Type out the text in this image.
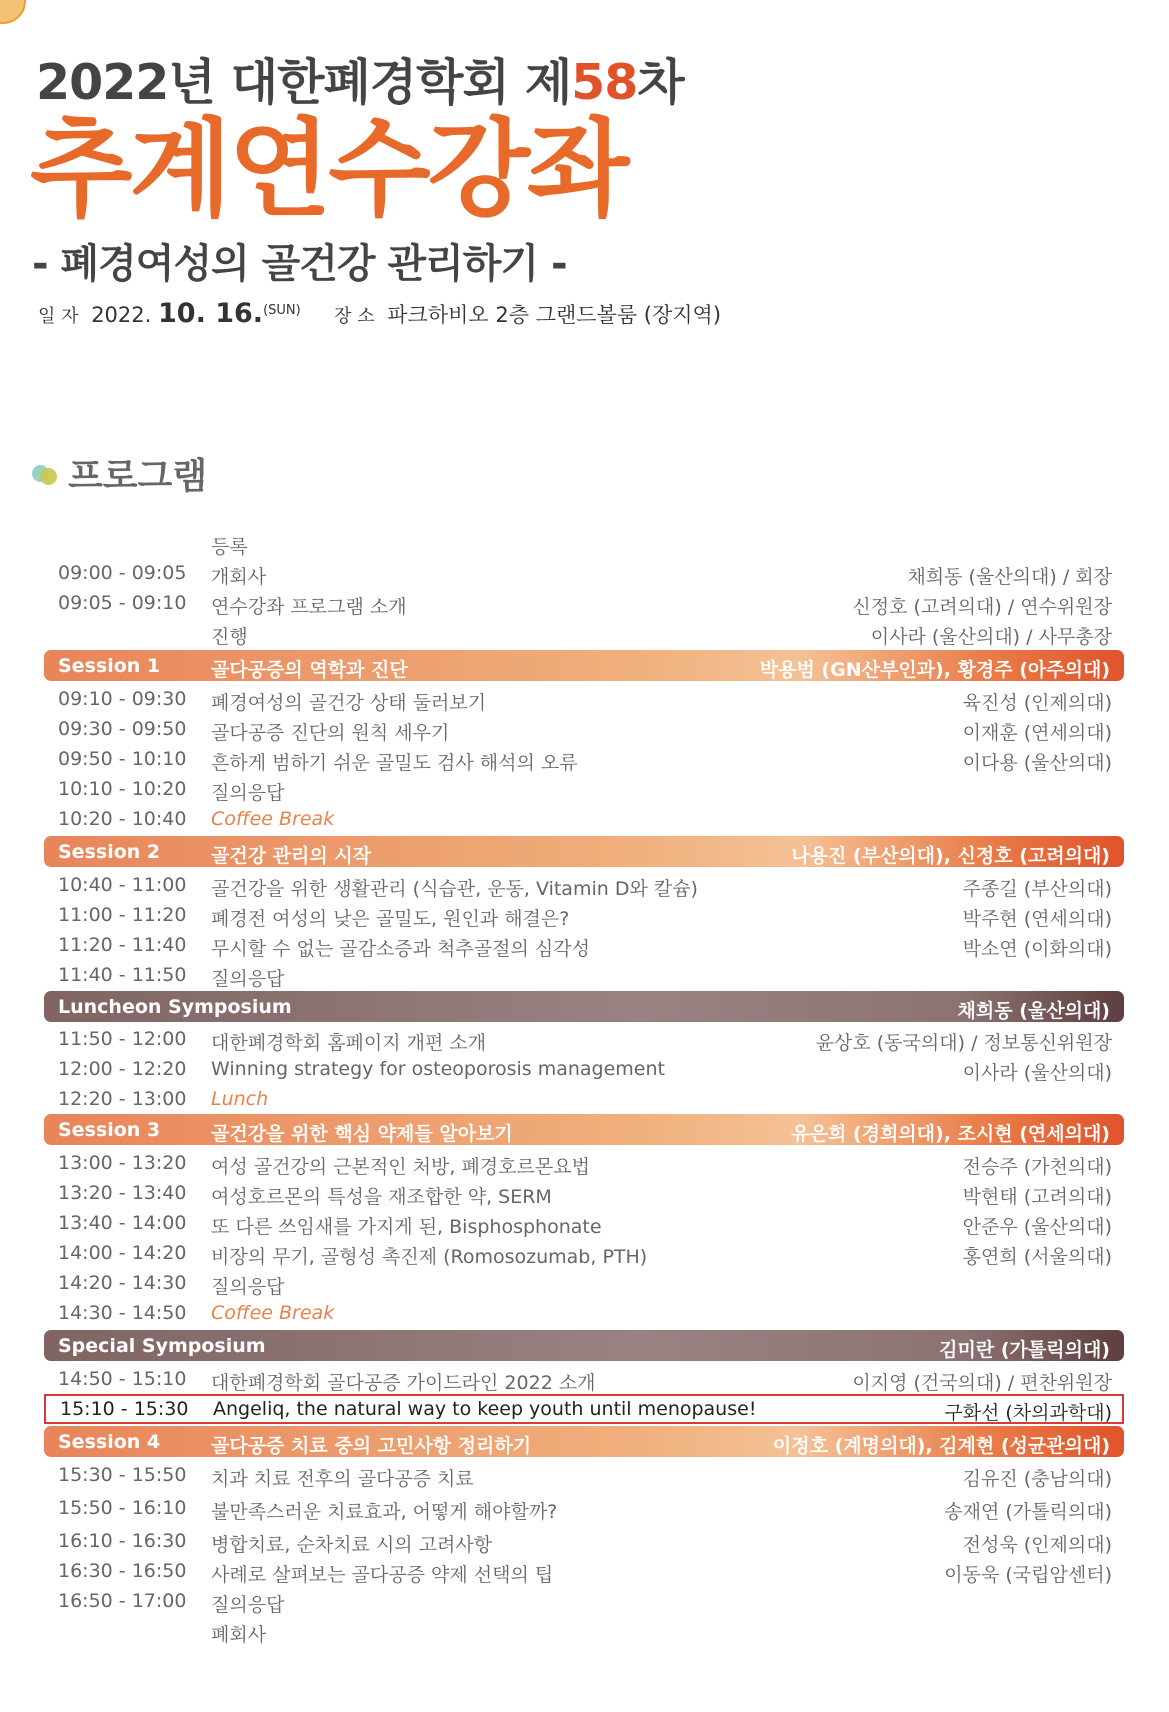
2022년 대한폐경학회 제58차
추계연수강좌
- 폐경여성의 골건강 관리하기 -
일 자 2022. 10. 16.$^{(SUN)}$ 장 소 파크하비오 2층 그랜드볼룸 (장지역)
프로그램
등록
09:00 - 09:05 개회사	채희동 (울산의대) / 회장
09:05 - 09:10 연수강좌 프로그램 소개	신정호 (고려의대) / 연수위원장
진행	이사라 (울산의대) / 사무총장
Session 1	골다공증의 역학과 진단	박용범 (GN산부인과), 황경주 (아주의대)
09:10 - 09:30 폐경여성의 골건강 상태 둘러보기	육진성 (인제의대)
09:30 - 09:50 골다공증 진단의 원칙 세우기	이재훈 (연세의대)
09:50 - 10:10 흔하게 범하기 쉬운 골밀도 검사 해석의 오류	이다용 (울산의대)
10:10 - 10:20 질의응답
10:20 - 10:40 Coffee Break
Session 2	골건강 관리의 시작	나용진 (부산의대), 신정호 (고려의대)
10:40 - 11:00 골건강을 위한 생활관리 (식습관, 운동, Vitamin D와 칼슘)	주종길 (부산의대)
11:00 - 11:20 폐경전 여성의 낮은 골밀도, 원인과 해결은?	박주현 (연세의대)
11:20 - 11:40 무시할 수 없는 골감소증과 척추골절의 심각성	박소연 (이화의대)
11:40 - 11:50 질의응답
Luncheon Symposium	채희동 (울산의대)
11:50 - 12:00 대한폐경학회 홈페이지 개편 소개	윤상호 (동국의대) / 정보통신위원장
12:00 - 12:20 Winning strategy for osteoporosis management	이사라 (울산의대)
12:20 - 13:00 Lunch
Session 3	골건강을 위한 핵심 약제들 알아보기	유은희 (경희의대), 조시현 (연세의대)
13:00 - 13:20 여성 골건강의 근본적인 처방, 폐경호르몬요법	전승주 (가천의대)
13:20 - 13:40 여성호르몬의 특성을 재조합한 약, SERM	박현태 (고려의대)
13:40 - 14:00 또 다른 쓰임새를 가지게 된, Bisphosphonate	안준우 (울산의대)
14:00 - 14:20 비장의 무기, 골형성 촉진제 (Romosozumab, PTH)	홍연희 (서울의대)
14:20 - 14:30 질의응답
14:30 - 14:50 Coffee Break
Special Symposium	김미란 (가톨릭의대)
14:50 - 15:10 대한폐경학회 골다공증 가이드라인 2022 소개	이지영 (건국의대) / 편찬위원장
15:10 - 15:30 Angeliq, the natural way to keep youth until menopause!	구화선 (차의과학대)
Session 4	골다공증 치료 중의 고민사항 정리하기	이정호 (계명의대), 김계현 (성균관의대)
15:30 - 15:50 치과 치료 전후의 골다공증 치료	김유진 (충남의대)
15:50 - 16:10 불만족스러운 치료효과, 어떻게 해야할까?	송재연 (가톨릭의대)
16:10 - 16:30 병합치료, 순차치료 시의 고려사항	전성욱 (인제의대)
16:30 - 16:50 사례로 살펴보는 골다공증 약제 선택의 팁	이동욱 (국립암센터)
16:50 - 17:00 질의응답
폐회사
